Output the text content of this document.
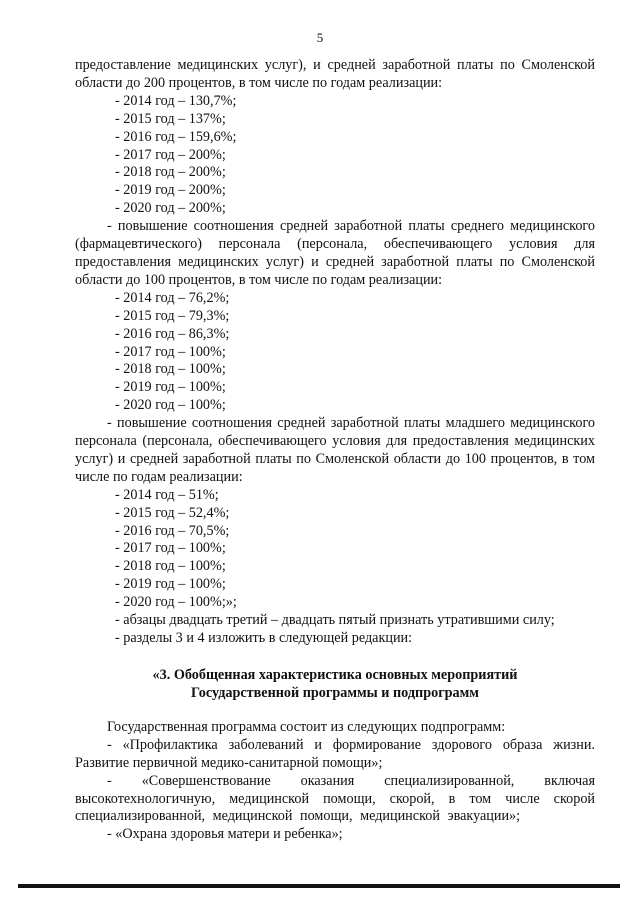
5

предоставление медицинских услуг), и средней заработной платы по Смоленской области до 200 процентов, в том числе по годам реализации:

- 2014 год – 130,7%;

- 2015 год – 137%;

- 2016 год – 159,6%;

- 2017 год – 200%;

- 2018 год – 200%;

- 2019 год – 200%;

- 2020 год – 200%;

- повышение соотношения средней заработной платы среднего медицинского (фармацевтического) персонала (персонала, обеспечивающего условия для предоставления медицинских услуг) и средней заработной платы по Смоленской области до 100 процентов, в том числе по годам реализации:

- 2014 год – 76,2%;

- 2015 год – 79,3%;

- 2016 год – 86,3%;

- 2017 год – 100%;

- 2018 год – 100%;

- 2019 год – 100%;

- 2020 год – 100%;

- повышение соотношения средней заработной платы младшего медицинского персонала (персонала, обеспечивающего условия для предоставления медицинских услуг) и средней заработной платы по Смоленской области до 100 процентов, в том числе по годам реализации:

- 2014 год – 51%;

- 2015 год – 52,4%;

- 2016 год – 70,5%;

- 2017 год – 100%;

- 2018 год – 100%;

- 2019 год – 100%;

- 2020 год – 100%;»;

- абзацы двадцать третий – двадцать пятый признать утратившими силу;

- разделы 3 и 4 изложить в следующей редакции:

«3. Обобщенная характеристика основных мероприятий
Государственной программы и подпрограмм

Государственная программа состоит из следующих подпрограмм:

- «Профилактика заболеваний и формирование здорового образа жизни. Развитие первичной медико-санитарной помощи»;

- «Совершенствование оказания специализированной, включая высокотехнологичную, медицинской помощи, скорой, в том числе скорой специализированной, медицинской помощи, медицинской эвакуации»;

- «Охрана здоровья матери и ребенка»;
